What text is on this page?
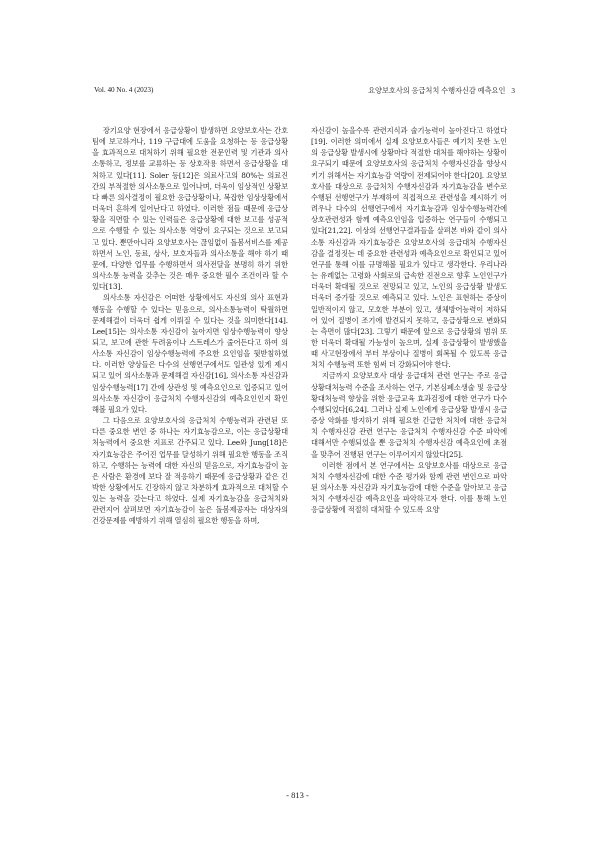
Vol. 40 No. 4 (2023)	요양보호사의 응급처치 수행자신감 예측요인 3

장기요양 현장에서 응급상황이 발생하면 요양보호사는 간호팀에 보고하거나, 119 구급대에 도움을 요청하는 등 응급상황을 효과적으로 대처하기 위해 필요한 전문인력 및 기관과 의사소통하고, 정보를 교류하는 등 상호작용 하면서 응급상황을 대처하고 있다[11]. Soler 등[12]은 의료사고의 80%는 의료진간의 부적절한 의사소통으로 일어나며, 더욱이 임상적인 상황보다 빠른 의사결정이 필요한 응급상황이나, 복잡한 임상상황에서 더욱더 흔하게 일어난다고 하였다. 이러한 점들 때문에 응급상황을 직면할 수 있는 인력들은 응급상황에 대한 보고를 성공적으로 수행할 수 있는 의사소통 역량이 요구되는 것으로 보고되고 있다. 뿐만아니라 요양보호사는 끊임없이 돌봄서비스를 제공하면서 노인, 동료, 상사, 보호자들과 의사소통을 해야 하기 때문에, 다양한 업무를 수행하면서 의사전달을 분명히 하기 위한 의사소통 능력을 갖추는 것은 매우 중요한 필수 조건이라 할 수 있다[13].

의사소통 자신감은 어떠한 상황에서도 자신의 의사 표현과 행동을 수행할 수 있다는 믿음으로, 의사소통능력이 탁월하면 문제해결이 더욱더 쉽게 이뤄질 수 있다는 것을 의미한다[14]. Lee[15]는 의사소통 자신감이 높아지면 임상수행능력이 향상되고, 보고에 관한 두려움이나 스트레스가 줄어든다고 하여 의사소통 자신감이 임상수행능력에 주요한 요인임을 뒷받침하였다. 이러한 양상들은 다수의 선행연구에서도 일관성 있게 제시되고 있어 의사소통과 문제해결 자신감[16], 의사소통 자신감과 임상수행능력[17] 간에 상관성 및 예측요인으로 입증되고 있어 의사소통 자신감이 응급처치 수행자신감의 예측요인인지 확인해볼 필요가 있다.

그 다음으로 요양보호사의 응급처치 수행능력과 관련된 또 다른 중요한 변인 중 하나는 자기효능감으로, 이는 응급상황대처능력에서 중요한 지표로 간주되고 있다. Lee와 Jung[18]은 자기효능감은 주어진 업무를 달성하기 위해 필요한 행동을 조직하고, 수행하는 능력에 대한 자신의 믿음으로, 자기효능감이 높은 사람은 환경에 보다 잘 적응하기 때문에 응급상황과 같은 긴박한 상황에서도 긴장하지 않고 차분하게 효과적으로 대처할 수 있는 능력을 갖는다고 하였다. 실제 자기효능감을 응급처치와 관련지어 살펴보면 자기효능감이 높은 돌봄제공자는 대상자의 건강문제를 예방하기 위해 열심히 필요한 행동을 하며,

자신감이 높을수록 관련지식과 술기능력이 높아진다고 하였다[19]. 이러한 의미에서 실제 요양보호사들은 예기치 못한 노인의 응급상황 발생시에 상황마다 적절한 대처를 해야하는 상황이 요구되기 때문에 요양보호사의 응급처치 수행자신감을 향상시키기 위해서는 자기효능감 역량이 전제되어야 한다[20]. 요양보호사를 대상으로 응급처치 수행자신감과 자기효능감을 변수로 수행된 선행연구가 부재하여 직접적으로 관련성을 제시하기 어려우나 다수의 선행연구에서 자기효능감과 임상수행능력간에 상호관련성과 함께 예측요인임을 입증하는 연구들이 수행되고 있다[21,22]. 이상의 선행연구결과들을 살펴본 바와 같이 의사소통 자신감과 자기효능감은 요양보호사의 응급대처 수행자신감을 결정짓는 데 중요한 관련성과 예측요인으로 확인되고 있어 연구를 통해 이를 규명해볼 필요가 있다고 생각한다. 우리나라는 유례없는 고령화 사회로의 급속한 진전으로 향후 노인인구가 더욱더 확대될 것으로 전망되고 있고, 노인의 응급상황 발생도 더욱더 증가할 것으로 예측되고 있다. 노인은 표현하는 증상이 일반적이지 않고, 모호한 부분이 있고, 생체방어능력이 저하되어 있어 질병이 조기에 발견되지 못하고, 응급상황으로 변화되는 측면이 많다[23]. 그렇기 때문에 앞으로 응급상황의 범위 또한 더욱더 확대될 가능성이 높으며, 실제 응급상황이 발생했을 때 사고현장에서 부터 부상이나 질병이 회복될 수 있도록 응급처치 수행능력 또한 힘써 더 강화되어야 한다.

지금까지 요양보호사 대상 응급대처 관련 연구는 주로 응급상황대처능력 수준을 조사하는 연구, 기본심폐소생술 및 응급상황대처능력 향상을 위한 응급교육 효과검정에 대한 연구가 다수 수행되었다[6,24]. 그러나 실제 노인에게 응급상황 발생시 응급증상 악화를 방지하기 위해 필요한 긴급한 처치에 대한 응급처치 수행자신감 관련 연구는 응급처치 수행자신감 수준 파악에 대해서만 수행되었을 뿐 응급처치 수행자신감 예측요인에 초점을 맞추어 진행된 연구는 이루어지지 않았다[25].

이러한 점에서 본 연구에서는 요양보호사를 대상으로 응급처치 수행자신감에 대한 수준 평가와 함께 관련 변인으로 파악된 의사소통 자신감과 자기효능감에 대한 수준을 알아보고 응급처치 수행자신감 예측요인을 파악하고자 한다. 이를 통해 노인 응급상황에 적절히 대처할 수 있도록 요양

- 813 -
